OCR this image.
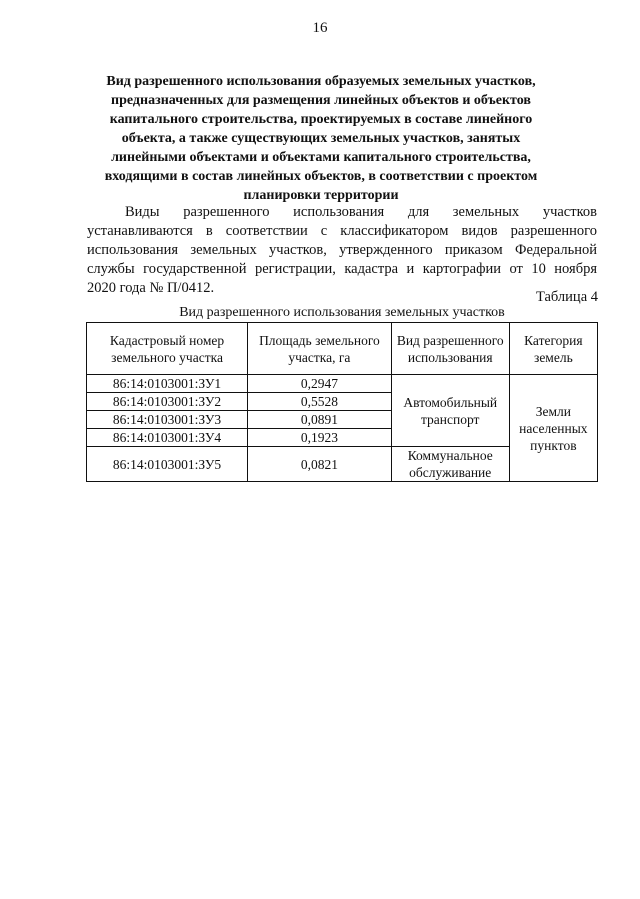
16
Вид разрешенного использования образуемых земельных участков,
предназначенных для размещения линейных объектов и объектов
капитального строительства, проектируемых в составе линейного
объекта, а также существующих земельных участков, занятых
линейными объектами и объектами капитального строительства,
входящими в состав линейных объектов, в соответствии с проектом
планировки территории
Виды разрешенного использования для земельных участков
устанавливаются в соответствии с классификатором видов разрешенного
использования земельных участков, утвержденного приказом Федеральной
службы государственной регистрации, кадастра и картографии от 10 ноября
2020 года № П/0412.
Таблица 4
Вид разрешенного использования земельных участков
Кадастровый номер земельного участка	Площадь земельного участка, га	Вид разрешенного использования	Категория земель
86:14:0103001:ЗУ1	0,2947	Автомобильный транспорт	Земли населенных пунктов
86:14:0103001:ЗУ2	0,5528		
86:14:0103001:ЗУ3	0,0891		
86:14:0103001:ЗУ4	0,1923		
86:14:0103001:ЗУ5	0,0821	Коммунальное обслуживание	
